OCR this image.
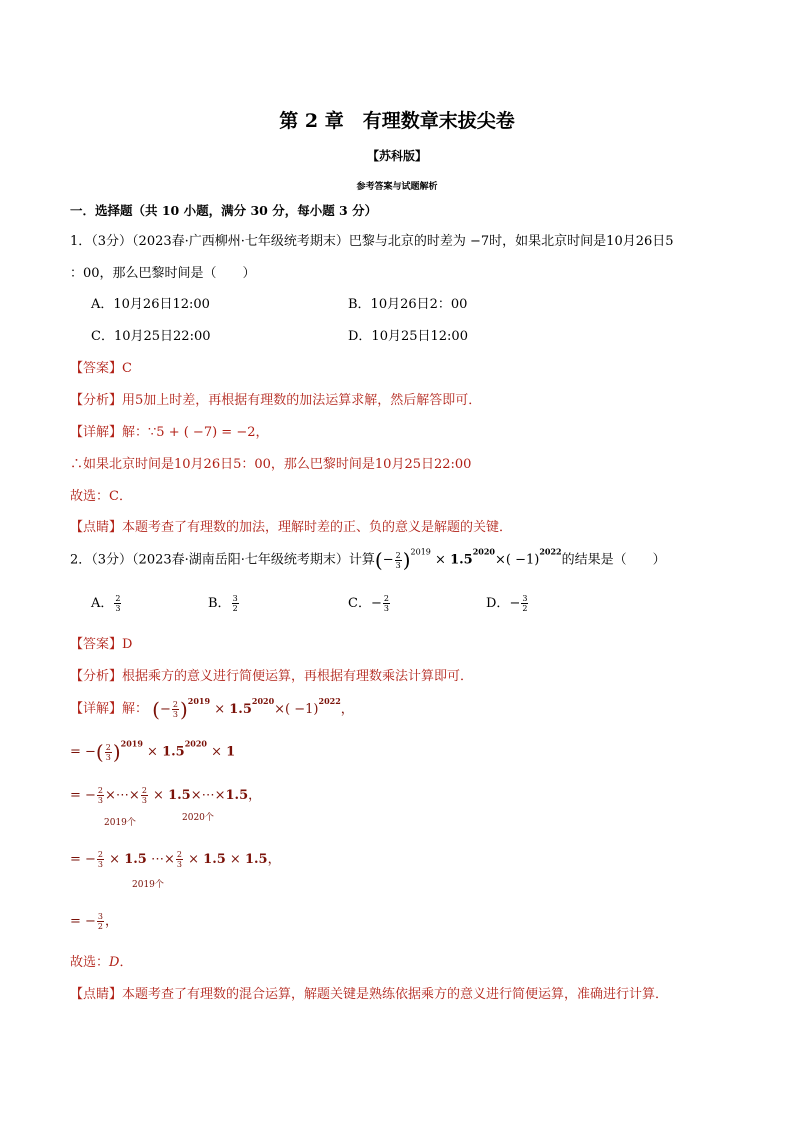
第 2 章　有理数章末拔尖卷
【苏科版】
参考答案与试题解析
一．选择题（共 10 小题，满分 30 分，每小题 3 分）
1．（3分）（2023春·广西柳州·七年级统考期末）巴黎与北京的时差为 −7时，如果北京时间是10月26日5
：00，那么巴黎时间是（　　）
A．10月26日12:00	B．10月26日2：00
C．10月25日22:00	D．10月25日12:00
【答案】C
【分析】用5加上时差，再根据有理数的加法运算求解，然后解答即可．
【详解】解：∵5 + ( −7) = −2，
∴如果北京时间是10月26日5：00，那么巴黎时间是10月25日22:00
故选：C．
【点睛】本题考查了有理数的加法，理解时差的正、负的意义是解题的关键．
2．（3分）（2023春·湖南岳阳·七年级统考期末）计算(− $\frac{2}{3} )^{2019} \times 1.5^{2020}\times( -1)^{2022}$的结果是（　　）
A． $\frac{2}{3}$	B． $\frac{3}{2}$	C．− $\frac{2}{3}$	D．− $\frac{3}{2}$
【答案】D
【分析】根据乘方的意义进行简便运算，再根据有理数乘法计算即可．
【详解】解： (− $\frac{2}{3} )^{2019} \times 1.5^{2020}\times( -1)^{2022}$，
= −( $\frac{2}{3} )^{2019} \times 1.5^{2020} \times 1$
= − $\frac{2}{3}$ ×⋯× $\frac{2}{3}$ × 1.5×⋯×1.5，
2019个	2020个
= − $\frac{2}{3} \times 1.5$ ⋯× $\frac{2}{3} \times 1.5 \times 1.5$，
2019个
= − $\frac{3}{2}$ ，
故选：D．
【点睛】本题考查了有理数的混合运算，解题关键是熟练依据乘方的意义进行简便运算，准确进行计算．
